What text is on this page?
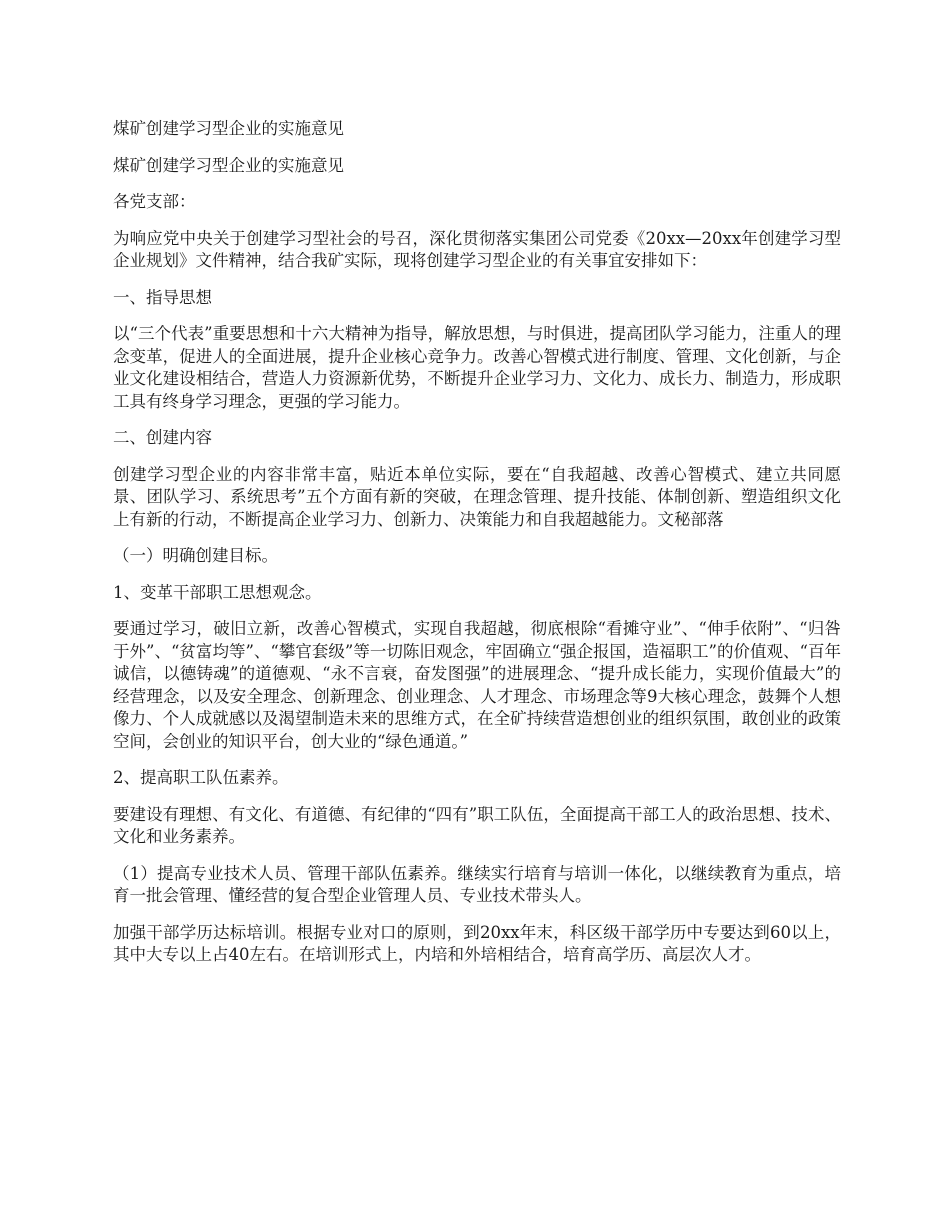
煤矿创建学习型企业的实施意见

煤矿创建学习型企业的实施意见

各党支部：

为响应党中央关于创建学习型社会的号召，深化贯彻落实集团公司党委《20xx—20xx年创建学习型企业规划》文件精神，结合我矿实际，现将创建学习型企业的有关事宜安排如下：

一、指导思想

以“三个代表”重要思想和十六大精神为指导，解放思想，与时俱进，提高团队学习能力，注重人的理念变革，促进人的全面进展，提升企业核心竞争力。改善心智模式进行制度、管理、文化创新，与企业文化建设相结合，营造人力资源新优势，不断提升企业学习力、文化力、成长力、制造力，形成职工具有终身学习理念，更强的学习能力。

二、创建内容

创建学习型企业的内容非常丰富，贴近本单位实际，要在“自我超越、改善心智模式、建立共同愿景、团队学习、系统思考”五个方面有新的突破，在理念管理、提升技能、体制创新、塑造组织文化上有新的行动，不断提高企业学习力、创新力、决策能力和自我超越能力。文秘部落

（一）明确创建目标。

1、变革干部职工思想观念。

要通过学习，破旧立新，改善心智模式，实现自我超越，彻底根除“看摊守业”、“伸手依附”、“归咎于外”、“贫富均等”、“攀官套级”等一切陈旧观念，牢固确立“强企报国，造福职工”的价值观、“百年诚信，以德铸魂”的道德观、“永不言衰，奋发图强”的进展理念、“提升成长能力，实现价值最大”的经营理念，以及安全理念、创新理念、创业理念、人才理念、市场理念等9大核心理念，鼓舞个人想像力、个人成就感以及渴望制造未来的思维方式，在全矿持续营造想创业的组织氛围，敢创业的政策空间，会创业的知识平台，创大业的“绿色通道。”

2、提高职工队伍素养。

要建设有理想、有文化、有道德、有纪律的“四有”职工队伍，全面提高干部工人的政治思想、技术、文化和业务素养。

（1）提高专业技术人员、管理干部队伍素养。继续实行培育与培训一体化，以继续教育为重点，培育一批会管理、懂经营的复合型企业管理人员、专业技术带头人。

加强干部学历达标培训。根据专业对口的原则，到20xx年末，科区级干部学历中专要达到60以上，其中大专以上占40左右。在培训形式上，内培和外培相结合，培育高学历、高层次人才。
